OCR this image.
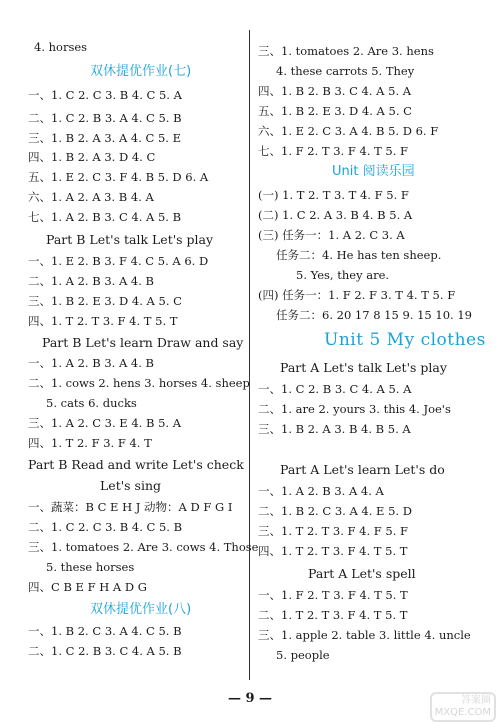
4. horses
双休提优作业(七)
一、1. C 2. C 3. B 4. C 5. A
二、1. C 2. B 3. A 4. C 5. B
三、1. B 2. A 3. A 4. C 5. E
四、1. B 2. A 3. D 4. C
五、1. E 2. C 3. F 4. B 5. D 6. A
六、1. A 2. A 3. B 4. A
七、1. A 2. B 3. C 4. A 5. B
Part B Let's talk Let's play
一、1. E 2. B 3. F 4. C 5. A 6. D
二、1. A 2. B 3. A 4. B
三、1. B 2. E 3. D 4. A 5. C
四、1. T 2. T 3. F 4. T 5. T
Part B Let's learn Draw and say
一、1. A 2. B 3. A 4. B
二、1. cows 2. hens 3. horses 4. sheep
5. cats 6. ducks
三、1. A 2. C 3. E 4. B 5. A
四、1. T 2. F 3. F 4. T
Part B Read and write Let's check
Let's sing
一、蔬菜：B C E H J 动物：A D F G I
二、1. C 2. C 3. B 4. C 5. B
三、1. tomatoes 2. Are 3. cows 4. Those
5. these horses
四、C B E F H A D G
双休提优作业(八)
一、1. B 2. C 3. A 4. C 5. B
二、1. C 2. B 3. C 4. A 5. B
三、1. tomatoes 2. Are 3. hens
4. these carrots 5. They
四、1. B 2. B 3. C 4. A 5. A
五、1. B 2. E 3. D 4. A 5. C
六、1. E 2. C 3. A 4. B 5. D 6. F
七、1. F 2. T 3. F 4. T 5. F
Unit 阅读乐园
(一) 1. T 2. T 3. T 4. F 5. F
(二) 1. C 2. A 3. B 4. B 5. A
(三) 任务一：1. A 2. C 3. A
任务二：4. He has ten sheep.
5. Yes, they are.
(四) 任务一：1. F 2. F 3. T 4. T 5. F
任务二：6. 20 17 8 15 9. 15 10. 19
Unit 5 My clothes
Part A Let's talk Let's play
一、1. C 2. B 3. C 4. A 5. A
二、1. are 2. yours 3. this 4. Joe's
三、1. B 2. A 3. B 4. B 5. A
Part A Let's learn Let's do
一、1. A 2. B 3. A 4. A
二、1. B 2. C 3. A 4. E 5. D
三、1. T 2. T 3. F 4. F 5. F
四、1. T 2. T 3. F 4. T 5. T
Part A Let's spell
一、1. F 2. T 3. F 4. T 5. T
二、1. T 2. T 3. F 4. T 5. T
三、1. apple 2. table 3. little 4. uncle
5. people
— 9 —	答案圈
MXQE.COM
